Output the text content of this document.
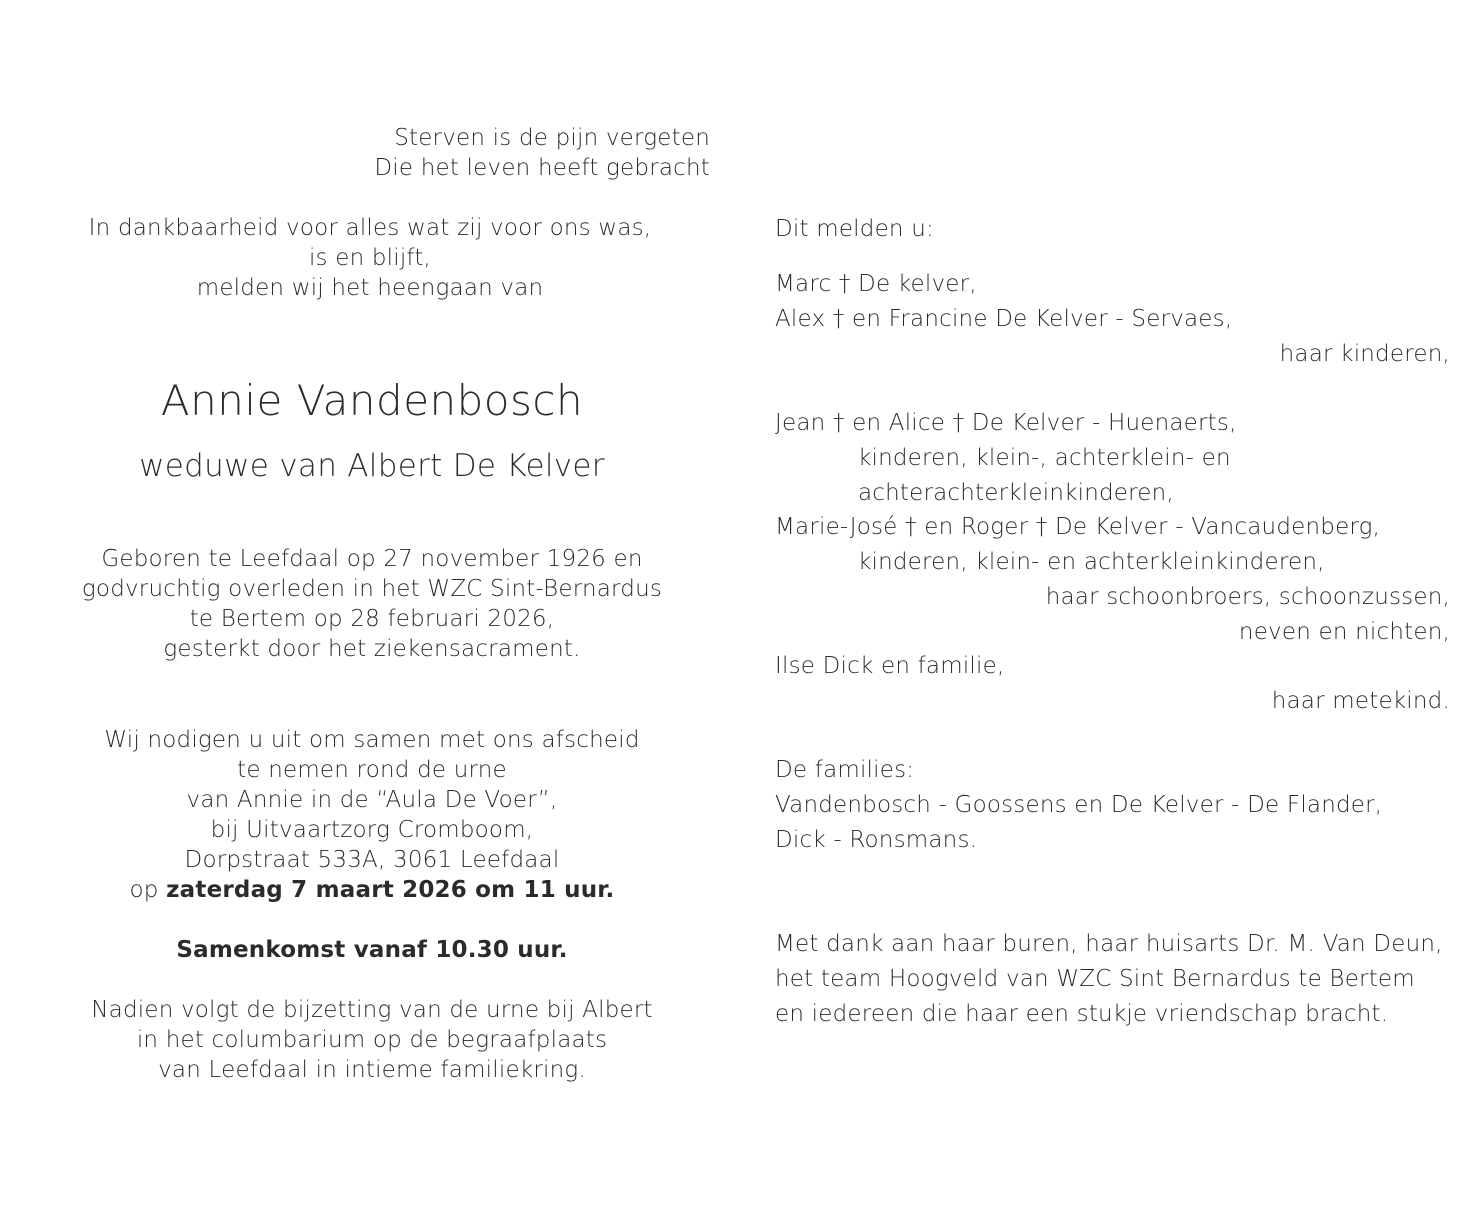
Sterven is de pijn vergeten
Die het leven heeft gebracht
In dankbaarheid voor alles wat zij voor ons was,
is en blijft,
melden wij het heengaan van
Annie Vandenbosch
weduwe van Albert De Kelver
Geboren te Leefdaal op 27 november 1926 en
godvruchtig overleden in het WZC Sint-Bernardus
te Bertem op 28 februari 2026,
gesterkt door het ziekensacrament.
Wij nodigen u uit om samen met ons afscheid
te nemen rond de urne
van Annie in de “Aula De Voer”,
bij Uitvaartzorg Cromboom,
Dorpstraat 533A, 3061 Leefdaal
op zaterdag 7 maart 2026 om 11 uur.
Samenkomst vanaf 10.30 uur.
Nadien volgt de bijzetting van de urne bij Albert
in het columbarium op de begraafplaats
van Leefdaal in intieme familiekring.
Dit melden u:
Marc † De kelver,
Alex † en Francine De Kelver - Servaes,
haar kinderen,
Jean † en Alice † De Kelver - Huenaerts,
kinderen, klein-, achterklein- en
achterachterkleinkinderen,
Marie-José † en Roger † De Kelver - Vancaudenberg,
kinderen, klein- en achterkleinkinderen,
haar schoonbroers, schoonzussen,
neven en nichten,
Ilse Dick en familie,
haar metekind.
De families:
Vandenbosch - Goossens en De Kelver - De Flander,
Dick - Ronsmans.
Met dank aan haar buren, haar huisarts Dr. M. Van Deun,
het team Hoogveld van WZC Sint Bernardus te Bertem
en iedereen die haar een stukje vriendschap bracht.
